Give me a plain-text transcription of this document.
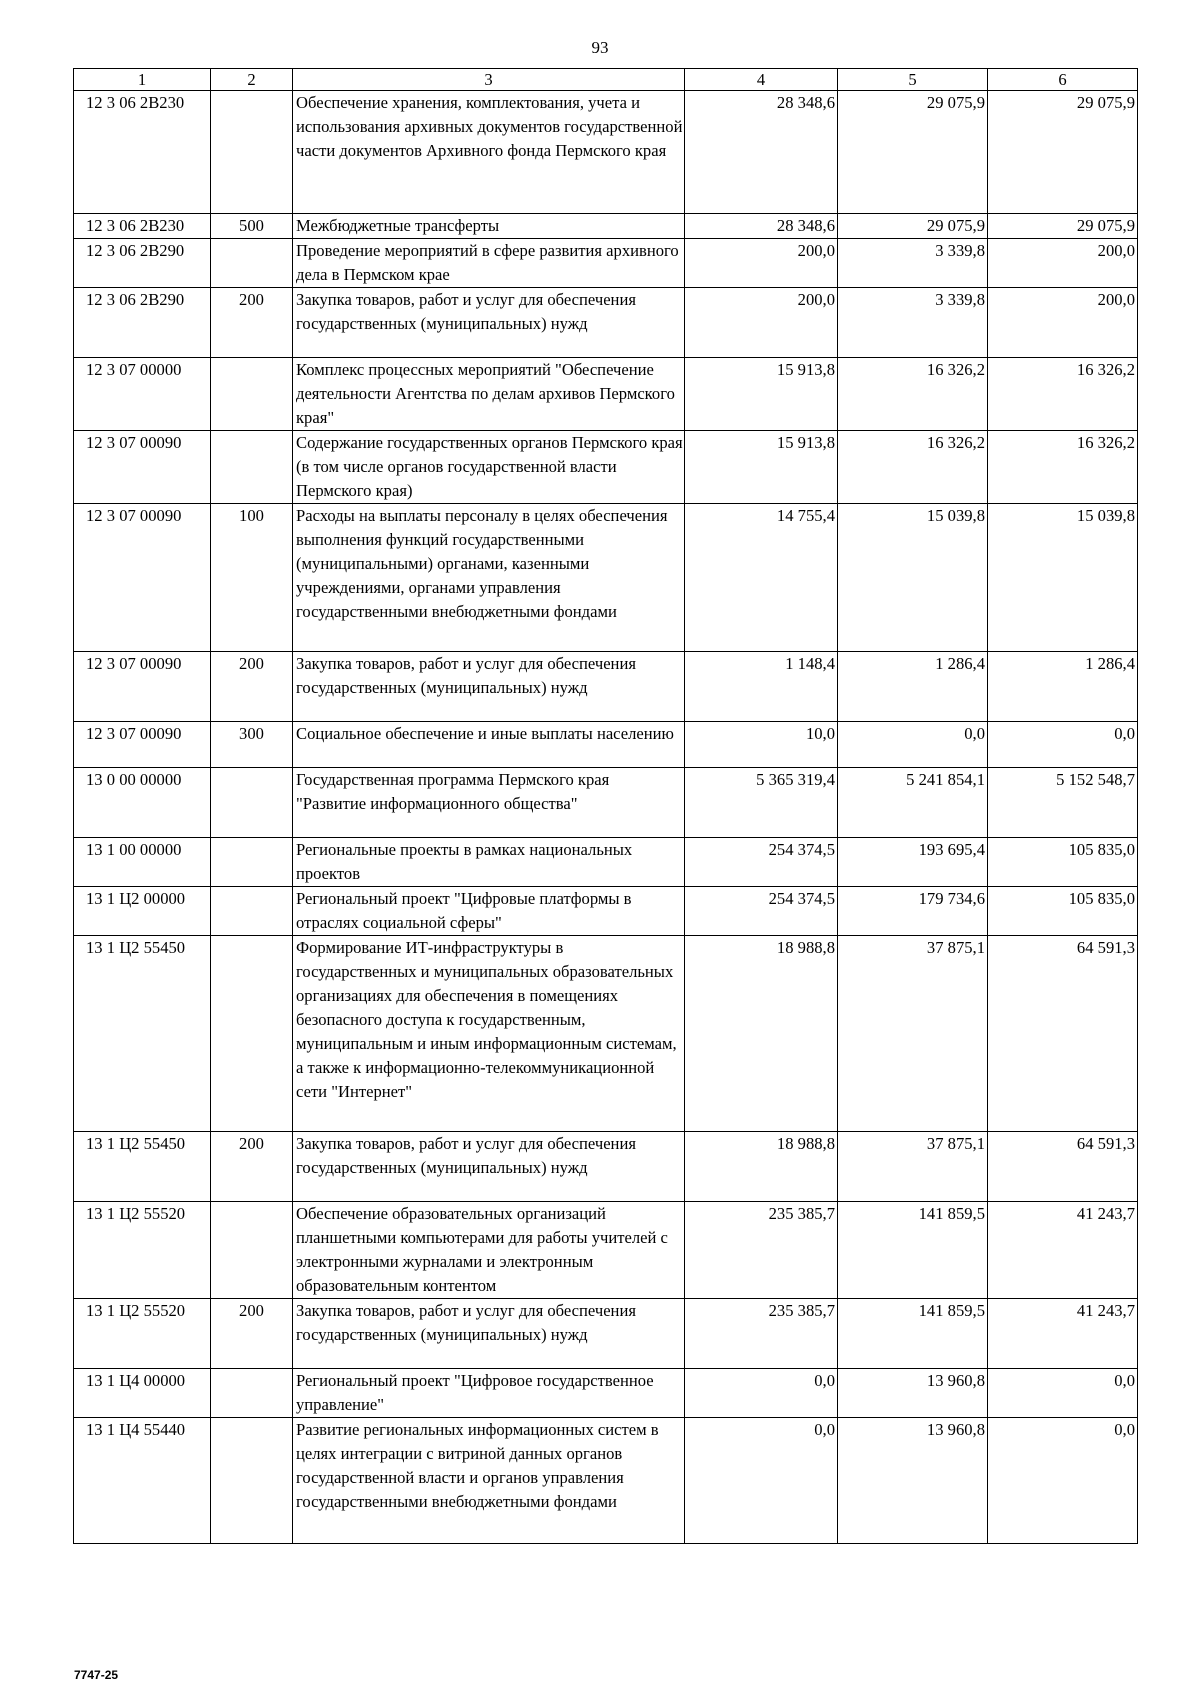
93
1	2	3	4	5	6
12 3 06 2В230		Обеспечение хранения, комплектования, учета и использования архивных документов государственной части документов Архивного фонда Пермского края	28 348,6	29 075,9	29 075,9
12 3 06 2В230	500	Межбюджетные трансферты	28 348,6	29 075,9	29 075,9
12 3 06 2В290		Проведение мероприятий в сфере развития архивного дела в Пермском крае	200,0	3 339,8	200,0
12 3 06 2В290	200	Закупка товаров, работ и услуг для обеспечения государственных (муниципальных) нужд	200,0	3 339,8	200,0
12 3 07 00000		Комплекс процессных мероприятий "Обеспечение деятельности Агентства по делам архивов Пермского края"	15 913,8	16 326,2	16 326,2
12 3 07 00090		Содержание государственных органов Пермского края (в том числе органов государственной власти Пермского края)	15 913,8	16 326,2	16 326,2
12 3 07 00090	100	Расходы на выплаты персоналу в целях обеспечения выполнения функций государственными (муниципальными) органами, казенными учреждениями, органами управления государственными внебюджетными фондами	14 755,4	15 039,8	15 039,8
12 3 07 00090	200	Закупка товаров, работ и услуг для обеспечения государственных (муниципальных) нужд	1 148,4	1 286,4	1 286,4
12 3 07 00090	300	Социальное обеспечение и иные выплаты населению	10,0	0,0	0,0
13 0 00 00000		Государственная программа Пермского края "Развитие информационного общества"	5 365 319,4	5 241 854,1	5 152 548,7
13 1 00 00000		Региональные проекты в рамках национальных проектов	254 374,5	193 695,4	105 835,0
13 1 Ц2 00000		Региональный проект "Цифровые платформы в отраслях социальной сферы"	254 374,5	179 734,6	105 835,0
13 1 Ц2 55450		Формирование ИТ-инфраструктуры в государственных и муниципальных образовательных организациях для обеспечения в помещениях безопасного доступа к государственным, муниципальным и иным информационным системам, а также к информационно-телекоммуникационной сети "Интернет"	18 988,8	37 875,1	64 591,3
13 1 Ц2 55450	200	Закупка товаров, работ и услуг для обеспечения государственных (муниципальных) нужд	18 988,8	37 875,1	64 591,3
13 1 Ц2 55520		Обеспечение образовательных организаций планшетными компьютерами для работы учителей с электронными журналами и электронным образовательным контентом	235 385,7	141 859,5	41 243,7
13 1 Ц2 55520	200	Закупка товаров, работ и услуг для обеспечения государственных (муниципальных) нужд	235 385,7	141 859,5	41 243,7
13 1 Ц4 00000		Региональный проект "Цифровое государственное управление"	0,0	13 960,8	0,0
13 1 Ц4 55440		Развитие региональных информационных систем в целях интеграции с витриной данных органов государственной власти и органов управления государственными внебюджетными фондами	0,0	13 960,8	0,0
7747-25
